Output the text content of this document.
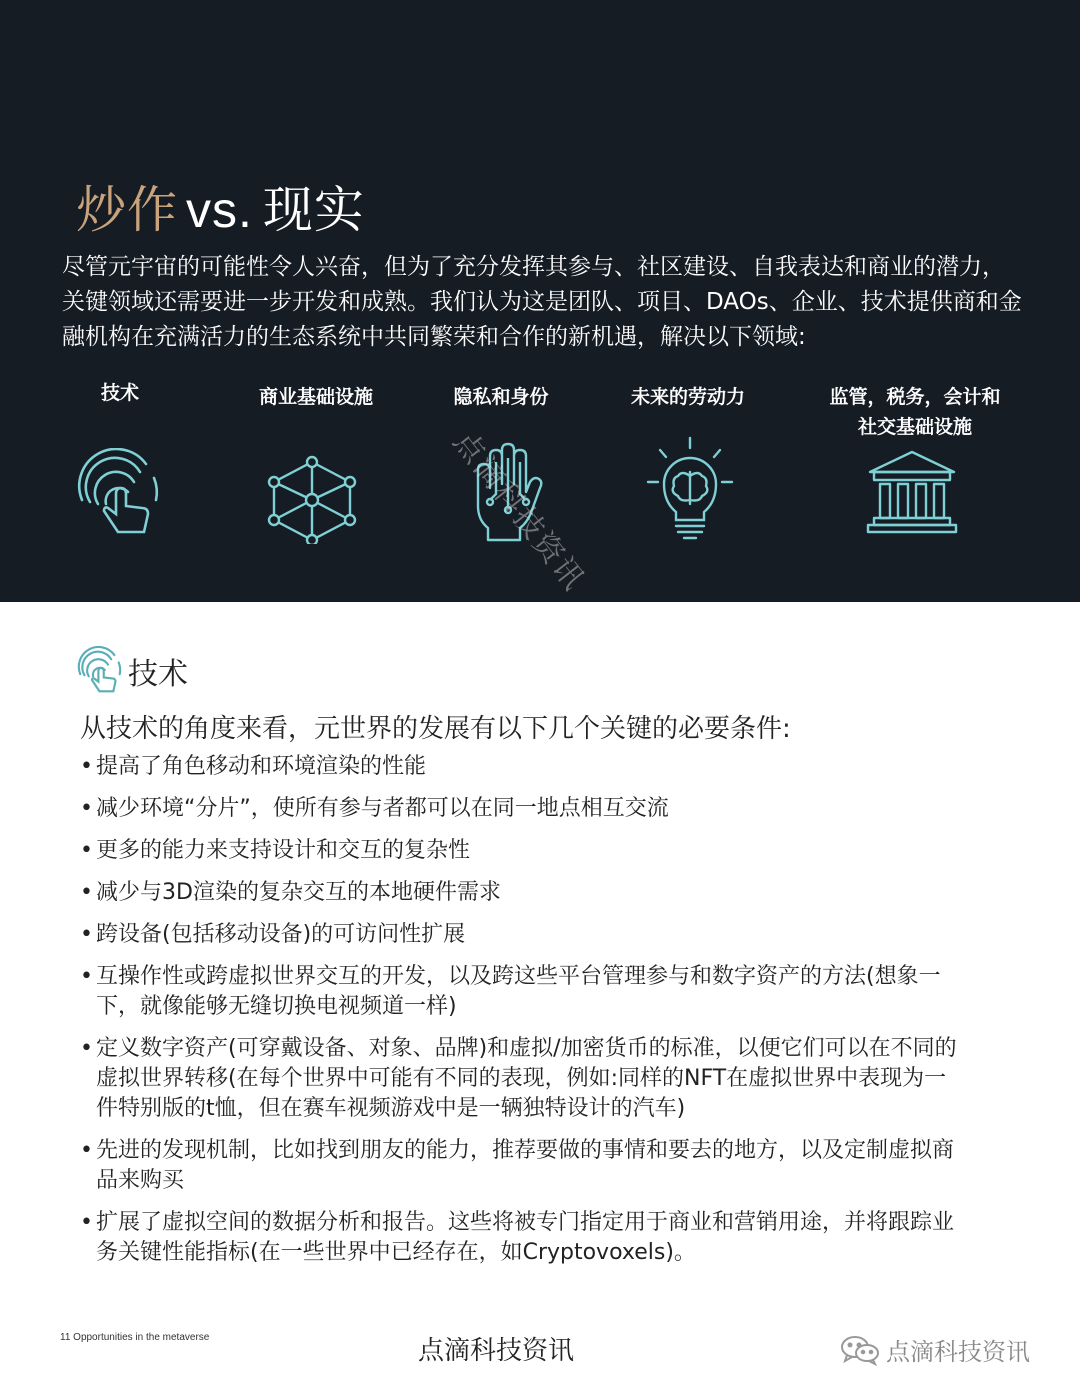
炒作 vs. 现实

尽管元宇宙的可能性令人兴奋，但为了充分发挥其参与、社区建设、自我表达和商业的潜力，关键领域还需要进一步开发和成熟。我们认为这是团队、项目、DAOs、企业、技术提供商和金融机构在充满活力的生态系统中共同繁荣和合作的新机遇，解决以下领域:

技术	商业基础设施	隐私和身份	未来的劳动力	监管，税务，会计和
社交基础设施
点滴科技资讯
技术
从技术的角度来看，元世界的发展有以下几个关键的必要条件:
• 提高了角色移动和环境渲染的性能
• 减少环境“分片”，使所有参与者都可以在同一地点相互交流
• 更多的能力来支持设计和交互的复杂性
• 减少与3D渲染的复杂交互的本地硬件需求
• 跨设备(包括移动设备)的可访问性扩展
• 互操作性或跨虚拟世界交互的开发，以及跨这些平台管理参与和数字资产的方法(想象一下，就像能够无缝切换电视频道一样)
• 定义数字资产(可穿戴设备、对象、品牌)和虚拟/加密货币的标准，以便它们可以在不同的虚拟世界转移(在每个世界中可能有不同的表现，例如:同样的NFT在虚拟世界中表现为一件特别版的t恤，但在赛车视频游戏中是一辆独特设计的汽车)
• 先进的发现机制，比如找到朋友的能力，推荐要做的事情和要去的地方，以及定制虚拟商品来购买
• 扩展了虚拟空间的数据分析和报告。这些将被专门指定用于商业和营销用途，并将跟踪业务关键性能指标(在一些世界中已经存在，如Cryptovoxels)。
11 Opportunities in the metaverse	点滴科技资讯	点滴科技资讯
